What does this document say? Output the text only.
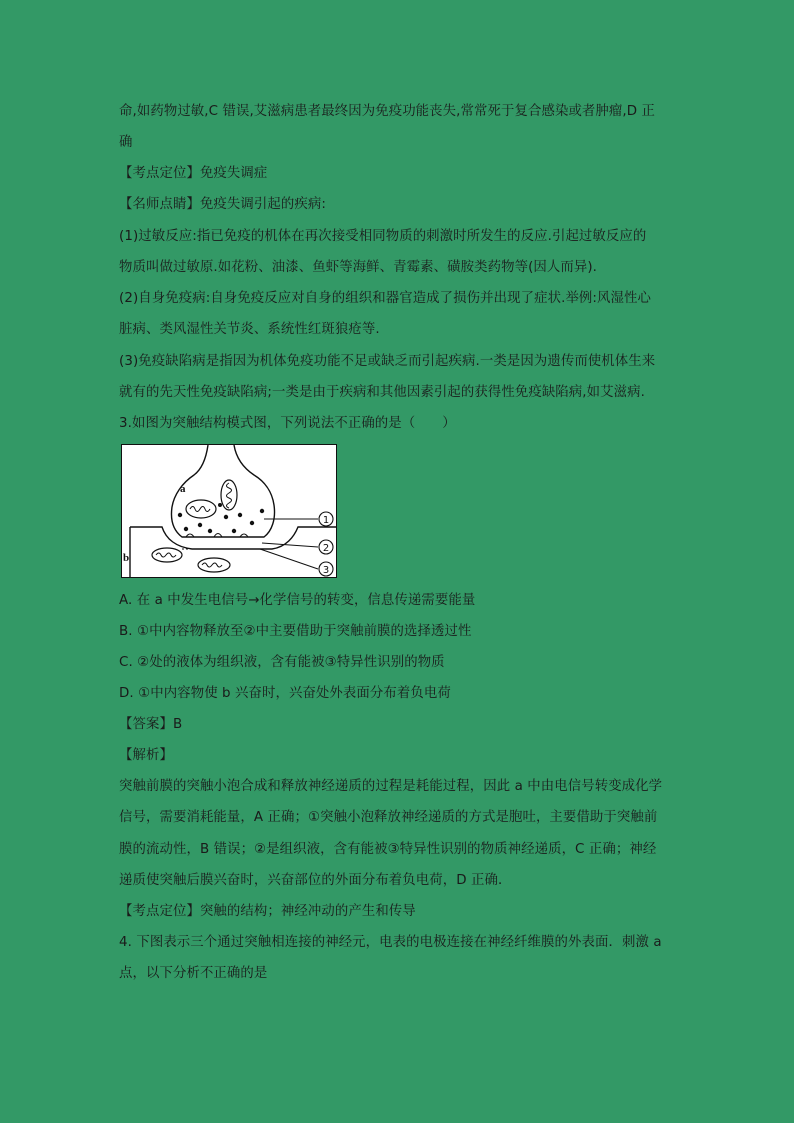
命,如药物过敏,C 错误,艾滋病患者最终因为免疫功能丧失,常常死于复合感染或者肿瘤,D 正
确
【考点定位】免疫失调症
【名师点睛】免疫失调引起的疾病:
(1)过敏反应:指已免疫的机体在再次接受相同物质的刺激时所发生的反应.引起过敏反应的
物质叫做过敏原.如花粉、油漆、鱼虾等海鲜、青霉素、磺胺类药物等(因人而异).
(2)自身免疫病:自身免疫反应对自身的组织和器官造成了损伤并出现了症状.举例:风湿性心
脏病、类风湿性关节炎、系统性红斑狼疮等.
(3)免疫缺陷病是指因为机体免疫功能不足或缺乏而引起疾病.一类是因为遗传而使机体生来
就有的先天性免疫缺陷病;一类是由于疾病和其他因素引起的获得性免疫缺陷病,如艾滋病.
3.如图为突触结构模式图，下列说法不正确的是（　　）
a
b
1
2
3
A. 在 a 中发生电信号→化学信号的转变，信息传递需要能量
B. ①中内容物释放至②中主要借助于突触前膜的选择透过性
C. ②处的液体为组织液，含有能被③特异性识别的物质
D. ①中内容物使 b 兴奋时，兴奋处外表面分布着负电荷
【答案】B
【解析】
突触前膜的突触小泡合成和释放神经递质的过程是耗能过程，因此 a 中由电信号转变成化学
信号，需要消耗能量，A 正确；①突触小泡释放神经递质的方式是胞吐，主要借助于突触前
膜的流动性，B 错误；②是组织液，含有能被③特异性识别的物质神经递质，C 正确；神经
递质使突触后膜兴奋时，兴奋部位的外面分布着负电荷，D 正确．
【考点定位】突触的结构；神经冲动的产生和传导
4. 下图表示三个通过突触相连接的神经元，电表的电极连接在神经纤维膜的外表面．刺激 a
点，以下分析不正确的是
